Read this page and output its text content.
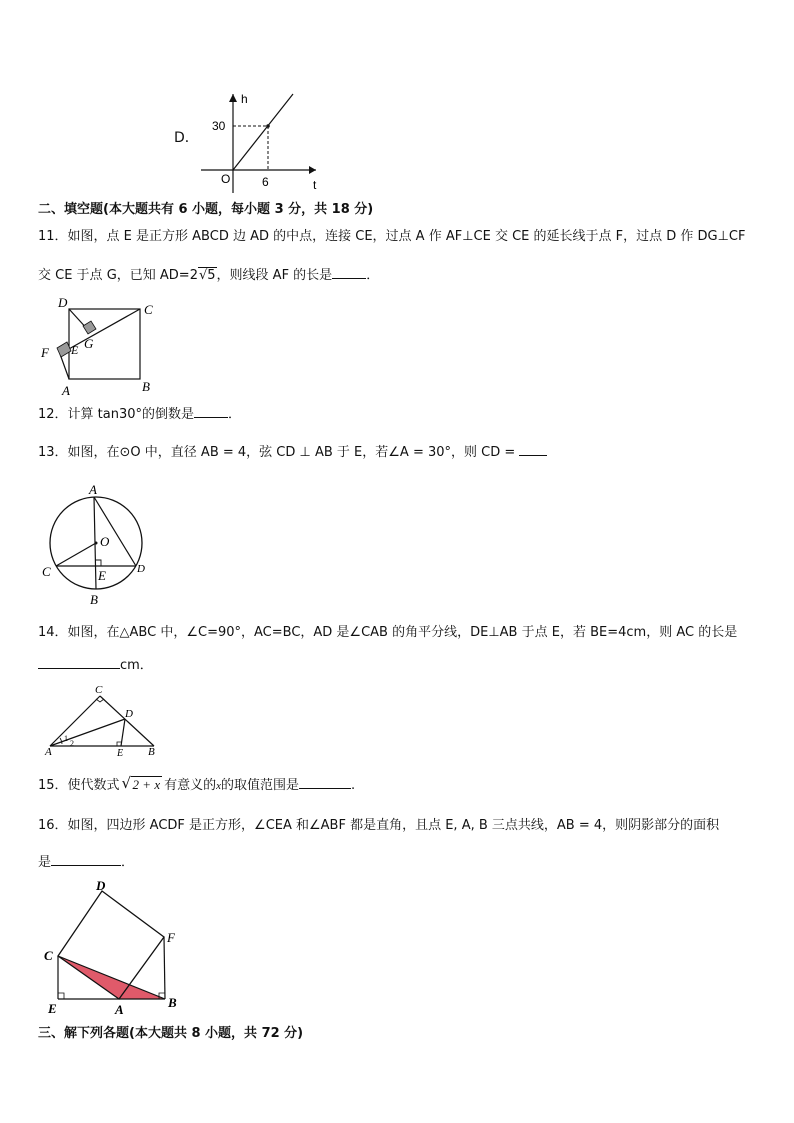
D．
h
t
O
30
6
二、填空题(本大题共有 6 小题，每小题 3 分，共 18 分)
11．如图，点 E 是正方形 ABCD 边 AD 的中点，连接 CE，过点 A 作 AF⊥CE 交 CE 的延长线于点 F，过点 D 作 DG⊥CF
交 CE 于点 G，已知 AD=2√5，则线段 AF 的长是	．
D	C
G
F E
A	B
12．计算 tan30°的倒数是	．
13．如图，在⊙O 中，直径 AB = 4，弦 CD ⊥ AB 于 E，若∠A = 30°，则 CD =
A
O
C	D
E
B
14．如图，在△ABC 中，∠C=90°，AC=BC，AD 是∠CAB 的角平分线，DE⊥AB 于点 E，若 BE=4cm，则 AC 的长是
cm．
C
D
A	E B
1
2
15．使代数式 √ 2 + x 有意义的x的取值范围是	.
16．如图，四边形 ACDF 是正方形，∠CEA 和∠ABF 都是直角，且点 E, A, B 三点共线，AB = 4，则阴影部分的面积
是	．
D
F
C
E	A	B
三、解下列各题(本大题共 8 小题，共 72 分)
